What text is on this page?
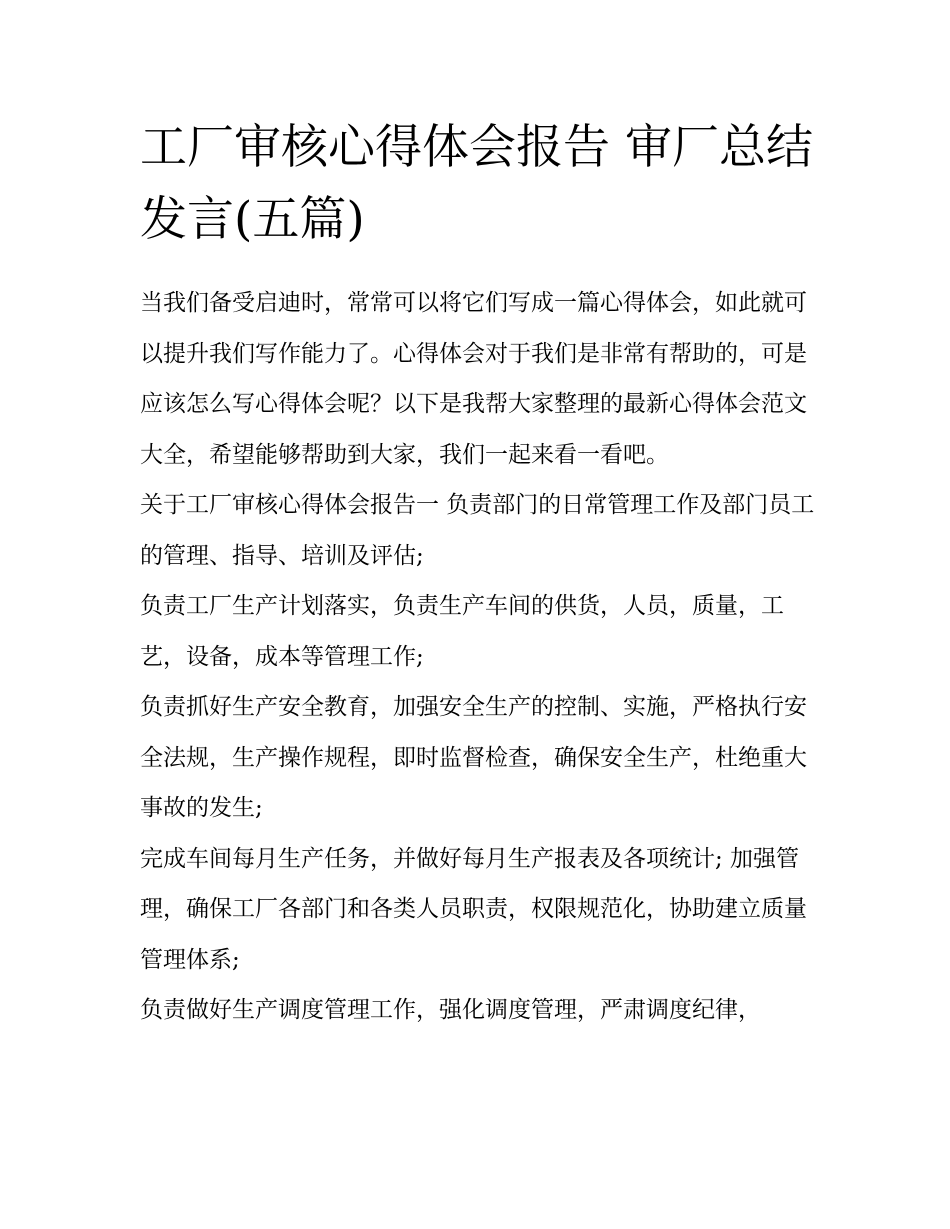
工厂审核心得体会报告 审厂总结发言(五篇)

当我们备受启迪时，常常可以将它们写成一篇心得体会，如此就可以提升我们写作能力了。心得体会对于我们是非常有帮助的，可是应该怎么写心得体会呢？以下是我帮大家整理的最新心得体会范文大全，希望能够帮助到大家，我们一起来看一看吧。

关于工厂审核心得体会报告一 负责部门的日常管理工作及部门员工的管理、指导、培训及评估;

负责工厂生产计划落实，负责生产车间的供货，人员，质量，工艺，设备，成本等管理工作;

负责抓好生产安全教育，加强安全生产的控制、实施，严格执行安全法规，生产操作规程，即时监督检查，确保安全生产，杜绝重大事故的发生;

完成车间每月生产任务，并做好每月生产报表及各项统计; 加强管理，确保工厂各部门和各类人员职责，权限规范化，协助建立质量管理体系;

负责做好生产调度管理工作，强化调度管理，严肃调度纪律，
